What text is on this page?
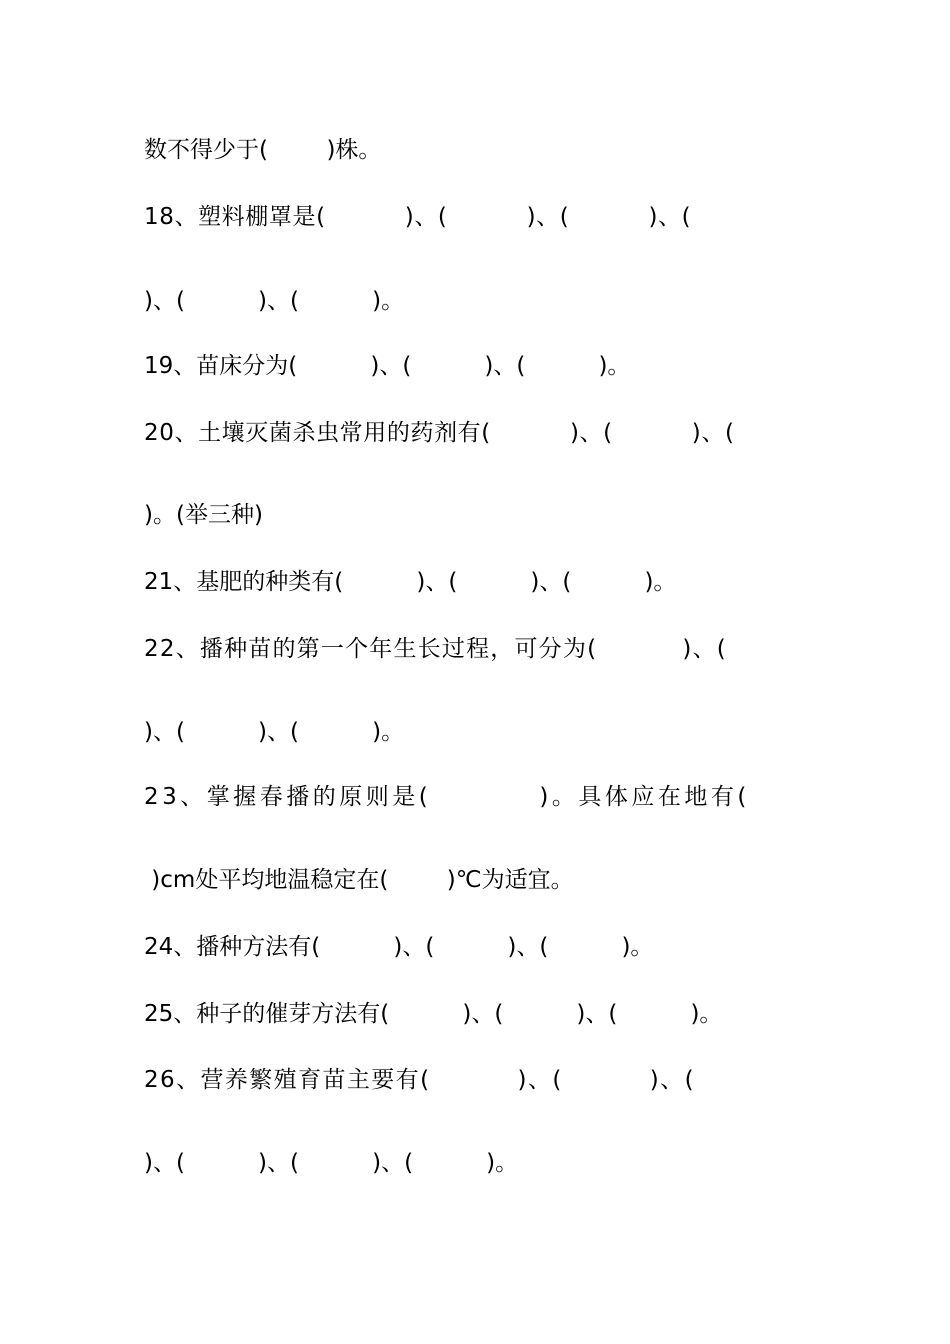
数不得少于(        )株。

18、塑料棚罩是(          )、(          )、(          )、(

)、(          )、(          )。

19、苗床分为(          )、(          )、(          )。

20、土壤灭菌杀虫常用的药剂有(          )、(          )、(

)。(举三种)

21、基肥的种类有(          )、(          )、(          )。

22、播种苗的第一个年生长过程，可分为(          )、(

)、(          )、(          )。

23、掌握春播的原则是(          )。具体应在地有(

)cm处平均地温稳定在(        )℃为适宜。

24、播种方法有(          )、(          )、(          )。

25、种子的催芽方法有(          )、(          )、(          )。

26、营养繁殖育苗主要有(          )、(          )、(

)、(          )、(          )、(          )。
